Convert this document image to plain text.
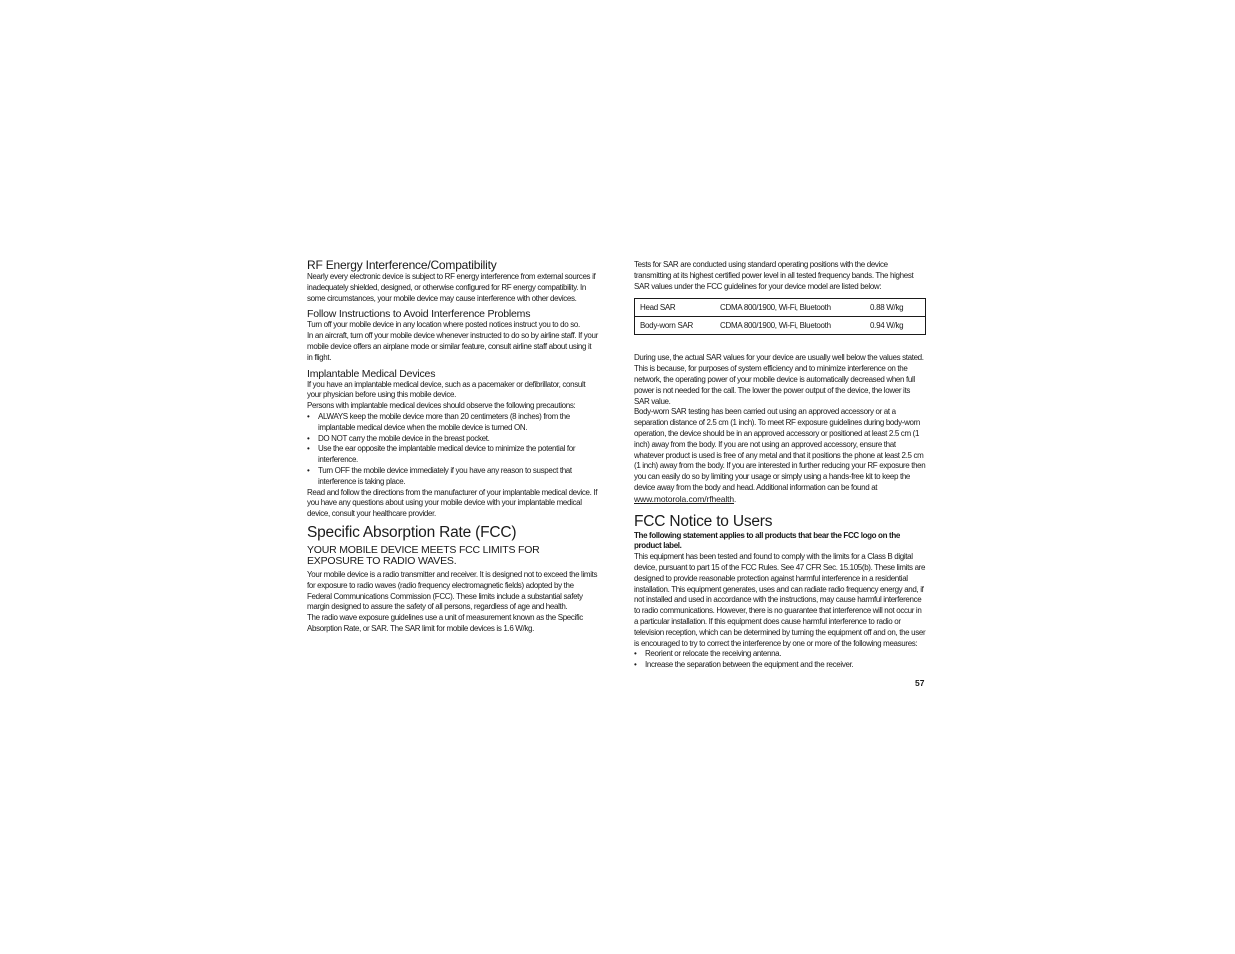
RF Energy Interference/Compatibility

Nearly every electronic device is subject to RF energy interference from external sources if inadequately shielded, designed, or otherwise configured for RF energy compatibility. In some circumstances, your mobile device may cause interference with other devices.

Follow Instructions to Avoid Interference Problems

Turn off your mobile device in any location where posted notices instruct you to do so.

In an aircraft, turn off your mobile device whenever instructed to do so by airline staff. If your mobile device offers an airplane mode or similar feature, consult airline staff about using it in flight.

Implantable Medical Devices

If you have an implantable medical device, such as a pacemaker or defibrillator, consult your physician before using this mobile device.

Persons with implantable medical devices should observe the following precautions:

• ALWAYS keep the mobile device more than 20 centimeters (8 inches) from the implantable medical device when the mobile device is turned ON.
• DO NOT carry the mobile device in the breast pocket.
• Use the ear opposite the implantable medical device to minimize the potential for interference.
• Turn OFF the mobile device immediately if you have any reason to suspect that interference is taking place.

Read and follow the directions from the manufacturer of your implantable medical device. If you have any questions about using your mobile device with your implantable medical device, consult your healthcare provider.

Specific Absorption Rate (FCC)

YOUR MOBILE DEVICE MEETS FCC LIMITS FOR EXPOSURE TO RADIO WAVES.

Your mobile device is a radio transmitter and receiver. It is designed not to exceed the limits for exposure to radio waves (radio frequency electromagnetic fields) adopted by the Federal Communications Commission (FCC). These limits include a substantial safety margin designed to assure the safety of all persons, regardless of age and health.

The radio wave exposure guidelines use a unit of measurement known as the Specific Absorption Rate, or SAR. The SAR limit for mobile devices is 1.6 W/kg.

Tests for SAR are conducted using standard operating positions with the device transmitting at its highest certified power level in all tested frequency bands. The highest SAR values under the FCC guidelines for your device model are listed below:

Head SAR	CDMA 800/1900, Wi-Fi, Bluetooth	0.88 W/kg
Body-worn SAR	CDMA 800/1900, Wi-Fi, Bluetooth	0.94 W/kg

During use, the actual SAR values for your device are usually well below the values stated. This is because, for purposes of system efficiency and to minimize interference on the network, the operating power of your mobile device is automatically decreased when full power is not needed for the call. The lower the power output of the device, the lower its SAR value.

Body-worn SAR testing has been carried out using an approved accessory or at a separation distance of 2.5 cm (1 inch). To meet RF exposure guidelines during body-worn operation, the device should be in an approved accessory or positioned at least 2.5 cm (1 inch) away from the body. If you are not using an approved accessory, ensure that whatever product is used is free of any metal and that it positions the phone at least 2.5 cm (1 inch) away from the body. If you are interested in further reducing your RF exposure then you can easily do so by limiting your usage or simply using a hands-free kit to keep the device away from the body and head. Additional information can be found at www.motorola.com/rfhealth.

FCC Notice to Users

The following statement applies to all products that bear the FCC logo on the product label.

This equipment has been tested and found to comply with the limits for a Class B digital device, pursuant to part 15 of the FCC Rules. See 47 CFR Sec. 15.105(b). These limits are designed to provide reasonable protection against harmful interference in a residential installation. This equipment generates, uses and can radiate radio frequency energy and, if not installed and used in accordance with the instructions, may cause harmful interference to radio communications. However, there is no guarantee that interference will not occur in a particular installation. If this equipment does cause harmful interference to radio or television reception, which can be determined by turning the equipment off and on, the user is encouraged to try to correct the interference by one or more of the following measures:

• Reorient or relocate the receiving antenna.
• Increase the separation between the equipment and the receiver.
57
